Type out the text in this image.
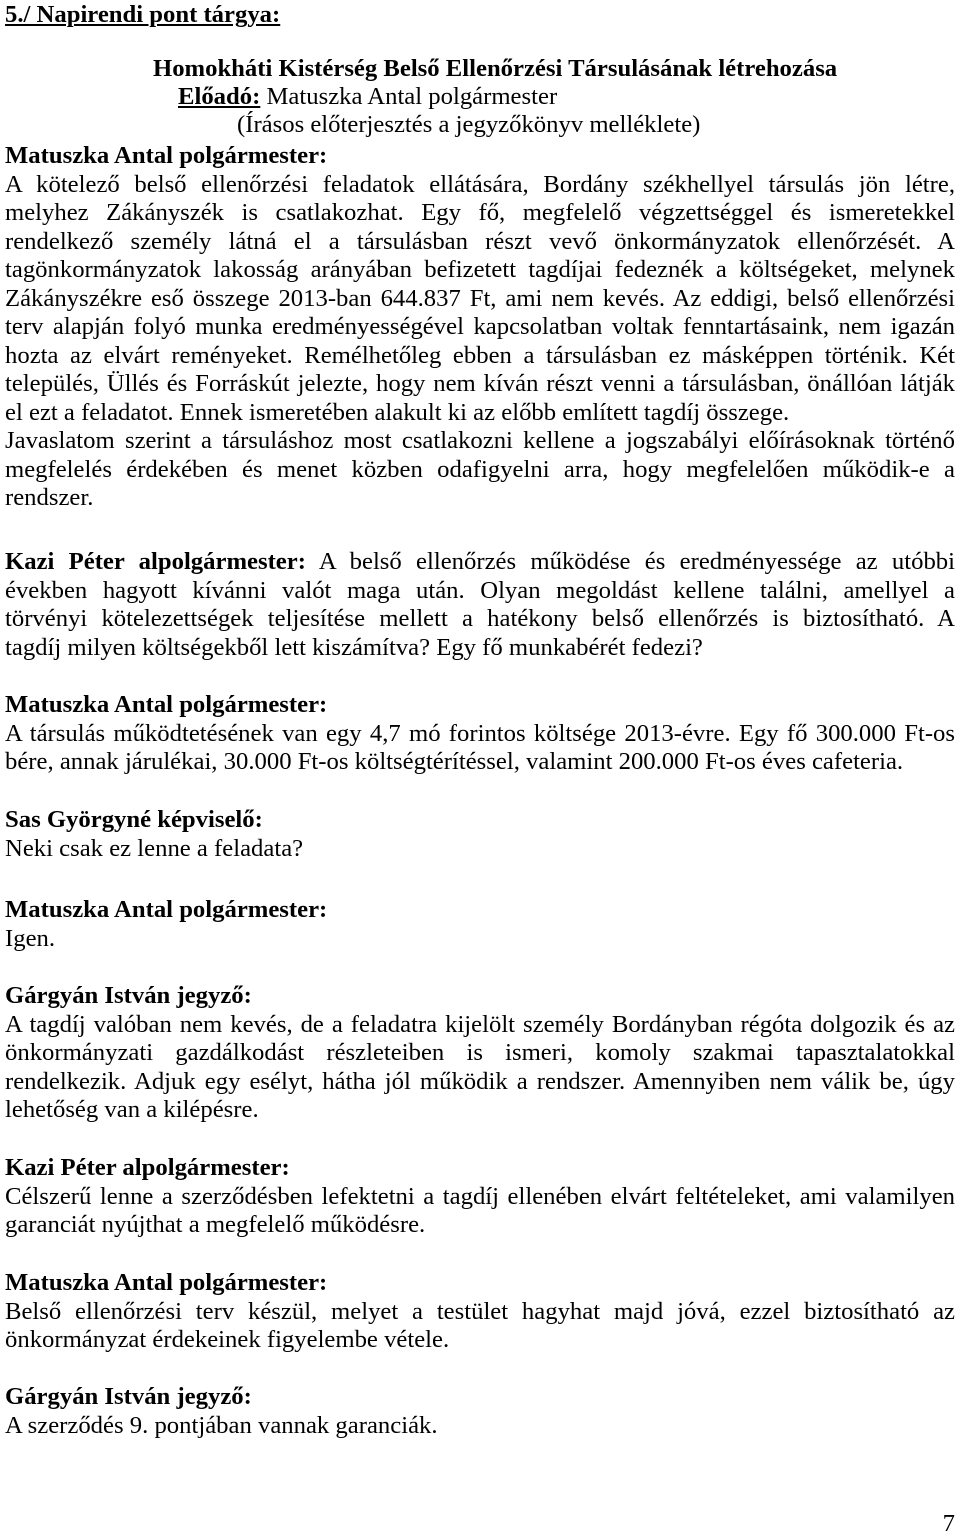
5./ Napirendi pont tárgya:
Homokháti Kistérség Belső Ellenőrzési Társulásának létrehozása
Előadó: Matuszka Antal polgármester
(Írásos előterjesztés a jegyzőkönyv melléklete)
Matuszka Antal polgármester:
A kötelező belső ellenőrzési feladatok ellátására, Bordány székhellyel társulás jön létre,
melyhez Zákányszék is csatlakozhat. Egy fő, megfelelő végzettséggel és ismeretekkel
rendelkező személy látná el a társulásban részt vevő önkormányzatok ellenőrzését. A
tagönkormányzatok lakosság arányában befizetett tagdíjai fedeznék a költségeket, melynek
Zákányszékre eső összege 2013-ban 644.837 Ft, ami nem kevés. Az eddigi, belső ellenőrzési
terv alapján folyó munka eredményességével kapcsolatban voltak fenntartásaink, nem igazán
hozta az elvárt reményeket. Remélhetőleg ebben a társulásban ez másképpen történik. Két
település, Üllés és Forráskút jelezte, hogy nem kíván részt venni a társulásban, önállóan látják
el ezt a feladatot. Ennek ismeretében alakult ki az előbb említett tagdíj összege.
Javaslatom szerint a társuláshoz most csatlakozni kellene a jogszabályi előírásoknak történő
megfelelés érdekében és menet közben odafigyelni arra, hogy megfelelően működik-e a
rendszer.
Kazi Péter alpolgármester: A belső ellenőrzés működése és eredményessége az utóbbi
években hagyott kívánni valót maga után. Olyan megoldást kellene találni, amellyel a
törvényi kötelezettségek teljesítése mellett a hatékony belső ellenőrzés is biztosítható. A
tagdíj milyen költségekből lett kiszámítva? Egy fő munkabérét fedezi?
Matuszka Antal polgármester:
A társulás működtetésének van egy 4,7 mó forintos költsége 2013-évre. Egy fő 300.000 Ft-os
bére, annak járulékai, 30.000 Ft-os költségtérítéssel, valamint 200.000 Ft-os éves cafeteria.
Sas Györgyné képviselő:
Neki csak ez lenne a feladata?
Matuszka Antal polgármester:
Igen.
Gárgyán István jegyző:
A tagdíj valóban nem kevés, de a feladatra kijelölt személy Bordányban régóta dolgozik és az
önkormányzati gazdálkodást részleteiben is ismeri, komoly szakmai tapasztalatokkal
rendelkezik. Adjuk egy esélyt, hátha jól működik a rendszer. Amennyiben nem válik be, úgy
lehetőség van a kilépésre.
Kazi Péter alpolgármester:
Célszerű lenne a szerződésben lefektetni a tagdíj ellenében elvárt feltételeket, ami valamilyen
garanciát nyújthat a megfelelő működésre.
Matuszka Antal polgármester:
Belső ellenőrzési terv készül, melyet a testület hagyhat majd jóvá, ezzel biztosítható az
önkormányzat érdekeinek figyelembe vétele.
Gárgyán István jegyző:
A szerződés 9. pontjában vannak garanciák.
7
